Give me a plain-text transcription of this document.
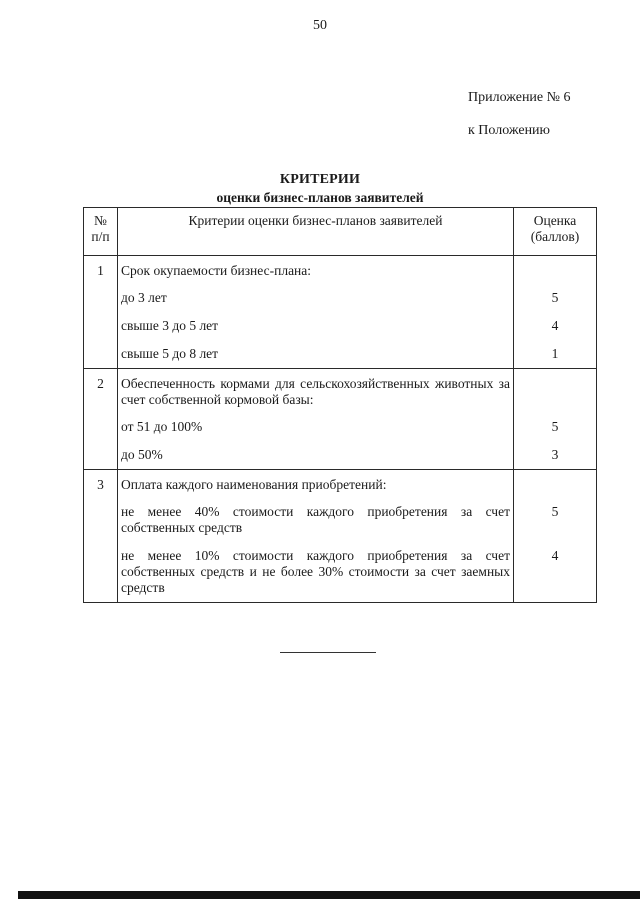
50
Приложение № 6
к Положению
КРИТЕРИИ
оценки бизнес-планов заявителей
№ п/п	Критерии оценки бизнес-планов заявителей	Оценка (баллов)
1	Срок окупаемости бизнес-плана:	
	до 3 лет	5
	свыше 3 до 5 лет	4
	свыше 5 до 8 лет	1
2	Обеспеченность кормами для сельскохозяйственных животных за счет собственной кормовой базы:	
	от 51 до 100%	5
	до 50%	3
3	Оплата каждого наименования приобретений:	
	не менее 40% стоимости каждого приобретения за счет собственных средств	5
	не менее 10% стоимости каждого приобретения за счет собственных средств и не более 30% стоимости за счет заемных средств	4
